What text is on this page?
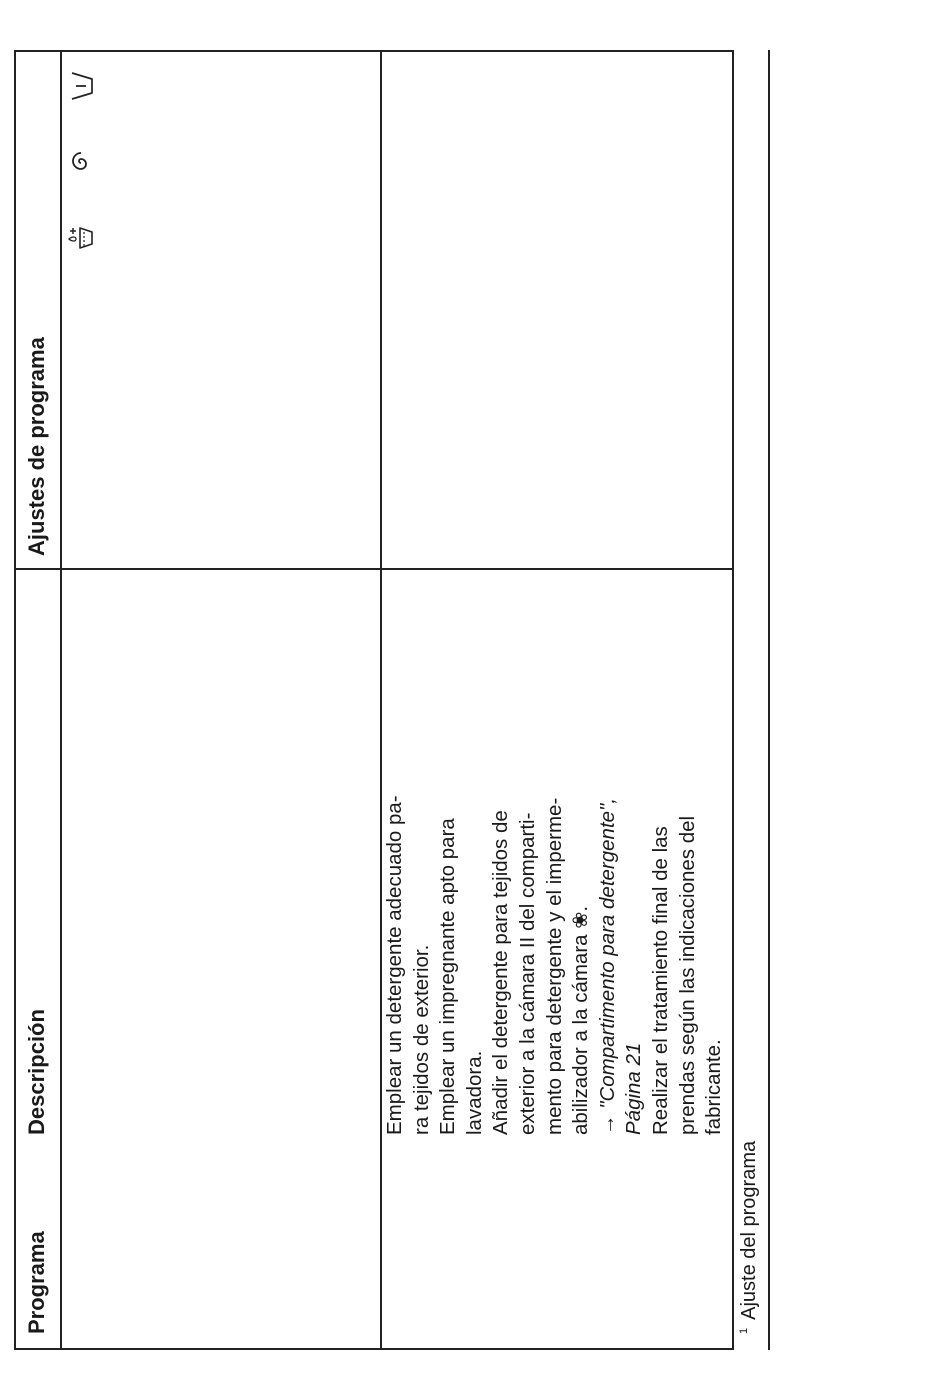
Programa
Descripción
Ajustes de programa
Emplear un detergente adecuado pa- ra tejidos de exterior. Emplear un impregnante apto para lavadora. Añadir el detergente para tejidos de exterior a la cámara II del comparti- mento para detergente y el imperme- abilizador a la cámara ❀. → "Compartimento para detergente", Página 21 Realizar el tratamiento final de las prendas según las indicaciones del fabricante.
$^1$Ajuste del programa
